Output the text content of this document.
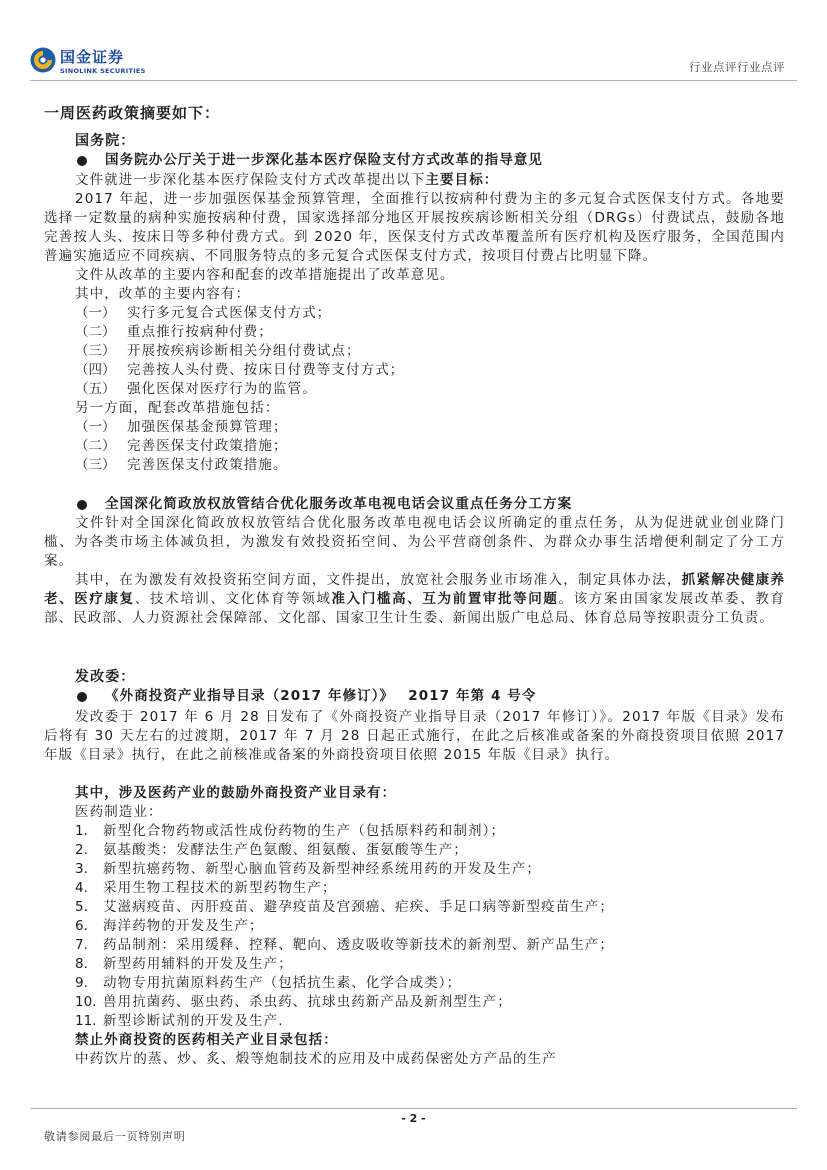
国金证券
SINOLINK SECURITIES	行业点评行业点评
一周医药政策摘要如下：
国务院：
国务院办公厅关于进一步深化基本医疗保险支付方式改革的指导意见
文件就进一步深化基本医疗保险支付方式改革提出以下主要目标：
2017 年起，进一步加强医保基金预算管理，全面推行以按病种付费为主的多元复合式医保支付方式。各地要选择一定数量的病种实施按病种付费，国家选择部分地区开展按疾病诊断相关分组（DRGs）付费试点，鼓励各地完善按人头、按床日等多种付费方式。到 2020 年，医保支付方式改革覆盖所有医疗机构及医疗服务，全国范围内普遍实施适应不同疾病、不同服务特点的多元复合式医保支付方式，按项目付费占比明显下降。
文件从改革的主要内容和配套的改革措施提出了改革意见。
其中，改革的主要内容有：
（一） 实行多元复合式医保支付方式；
（二） 重点推行按病种付费；
（三） 开展按疾病诊断相关分组付费试点；
（四） 完善按人头付费、按床日付费等支付方式；
（五） 强化医保对医疗行为的监管。
另一方面，配套改革措施包括：
（一） 加强医保基金预算管理；
（二） 完善医保支付政策措施；
（三） 完善医保支付政策措施。
全国深化简政放权放管结合优化服务改革电视电话会议重点任务分工方案
文件针对全国深化简政放权放管结合优化服务改革电视电话会议所确定的重点任务，从为促进就业创业降门槛、为各类市场主体减负担，为激发有效投资拓空间、为公平营商创条件、为群众办事生活增便利制定了分工方案。
其中，在为激发有效投资拓空间方面，文件提出，放宽社会服务业市场准入，制定具体办法，抓紧解决健康养老、医疗康复、技术培训、文化体育等领域准入门槛高、互为前置审批等问题。该方案由国家发展改革委、教育部、民政部、人力资源社会保障部、文化部、国家卫生计生委、新闻出版广电总局、体育总局等按职责分工负责。
发改委：
《外商投资产业指导目录（2017 年修订）》 2017 年第 4 号令
发改委于 2017 年 6 月 28 日发布了《外商投资产业指导目录（2017 年修订）》。2017 年版《目录》发布后将有 30 天左右的过渡期，2017 年 7 月 28 日起正式施行，在此之后核准或备案的外商投资项目依照 2017 年版《目录》执行，在此之前核准或备案的外商投资项目依照 2015 年版《目录》执行。
其中，涉及医药产业的鼓励外商投资产业目录有：
医药制造业：
1. 新型化合物药物或活性成份药物的生产（包括原料药和制剂）；
2. 氨基酸类：发酵法生产色氨酸、组氨酸、蛋氨酸等生产；
3. 新型抗癌药物、新型心脑血管药及新型神经系统用药的开发及生产；
4. 采用生物工程技术的新型药物生产；
5. 艾滋病疫苗、丙肝疫苗、避孕疫苗及宫颈癌、疟疾、手足口病等新型疫苗生产；
6. 海洋药物的开发及生产；
7. 药品制剂：采用缓释、控释、靶向、透皮吸收等新技术的新剂型、新产品生产；
8. 新型药用辅料的开发及生产；
9. 动物专用抗菌原料药生产（包括抗生素、化学合成类）；
10. 兽用抗菌药、驱虫药、杀虫药、抗球虫药新产品及新剂型生产；
11. 新型诊断试剂的开发及生产.
禁止外商投资的医药相关产业目录包括：
中药饮片的蒸、炒、炙、煅等炮制技术的应用及中成药保密处方产品的生产
- 2 -
敬请参阅最后一页特别声明
